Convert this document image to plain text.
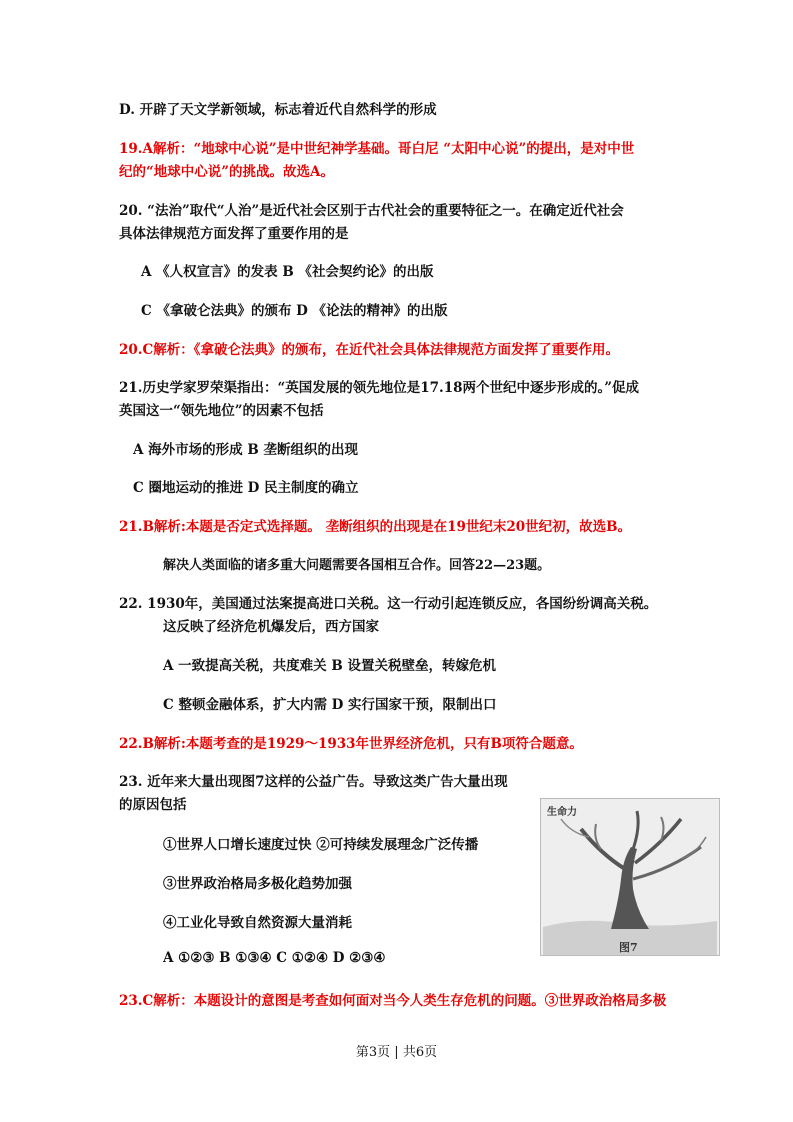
D. 开辟了天文学新领域，标志着近代自然科学的形成
19.A解析：“地球中心说”是中世纪神学基础。哥白尼 “太阳中心说”的提出，是对中世
纪的“地球中心说”的挑战。故选A。
20. “法治”取代“人治”是近代社会区别于古代社会的重要特征之一。在确定近代社会
具体法律规范方面发挥了重要作用的是
A 《人权宣言》的发表 B 《社会契约论》的出版
C 《拿破仑法典》的颁布 D 《论法的精神》的出版
20.C解析：《拿破仑法典》的颁布，在近代社会具体法律规范方面发挥了重要作用。
21.历史学家罗荣渠指出：“英国发展的领先地位是17.18两个世纪中逐步形成的。”促成
英国这一“领先地位”的因素不包括
A 海外市场的形成 B 垄断组织的出现
C 圈地运动的推进 D 民主制度的确立
21.B解析:本题是否定式选择题。 垄断组织的出现是在19世纪末20世纪初，故选B。
解决人类面临的诸多重大问题需要各国相互合作。回答22—23题。
22. 1930年，美国通过法案提高进口关税。这一行动引起连锁反应，各国纷纷调高关税。
这反映了经济危机爆发后，西方国家
A 一致提高关税，共度难关 B 设置关税壁垒，转嫁危机
C 整顿金融体系，扩大内需 D 实行国家干预，限制出口
22.B解析:本题考查的是1929～1933年世界经济危机，只有B项符合题意。
23. 近年来大量出现图7这样的公益广告。导致这类广告大量出现
的原因包括
①世界人口增长速度过快 ②可持续发展理念广泛传播
③世界政治格局多极化趋势加强
④工业化导致自然资源大量消耗
A ①②③ B ①③④ C ①②④ D ②③④
23.C解析：本题设计的意图是考查如何面对当今人类生存危机的问题。③世界政治格局多极
生命力
图7
第3页 | 共6页
